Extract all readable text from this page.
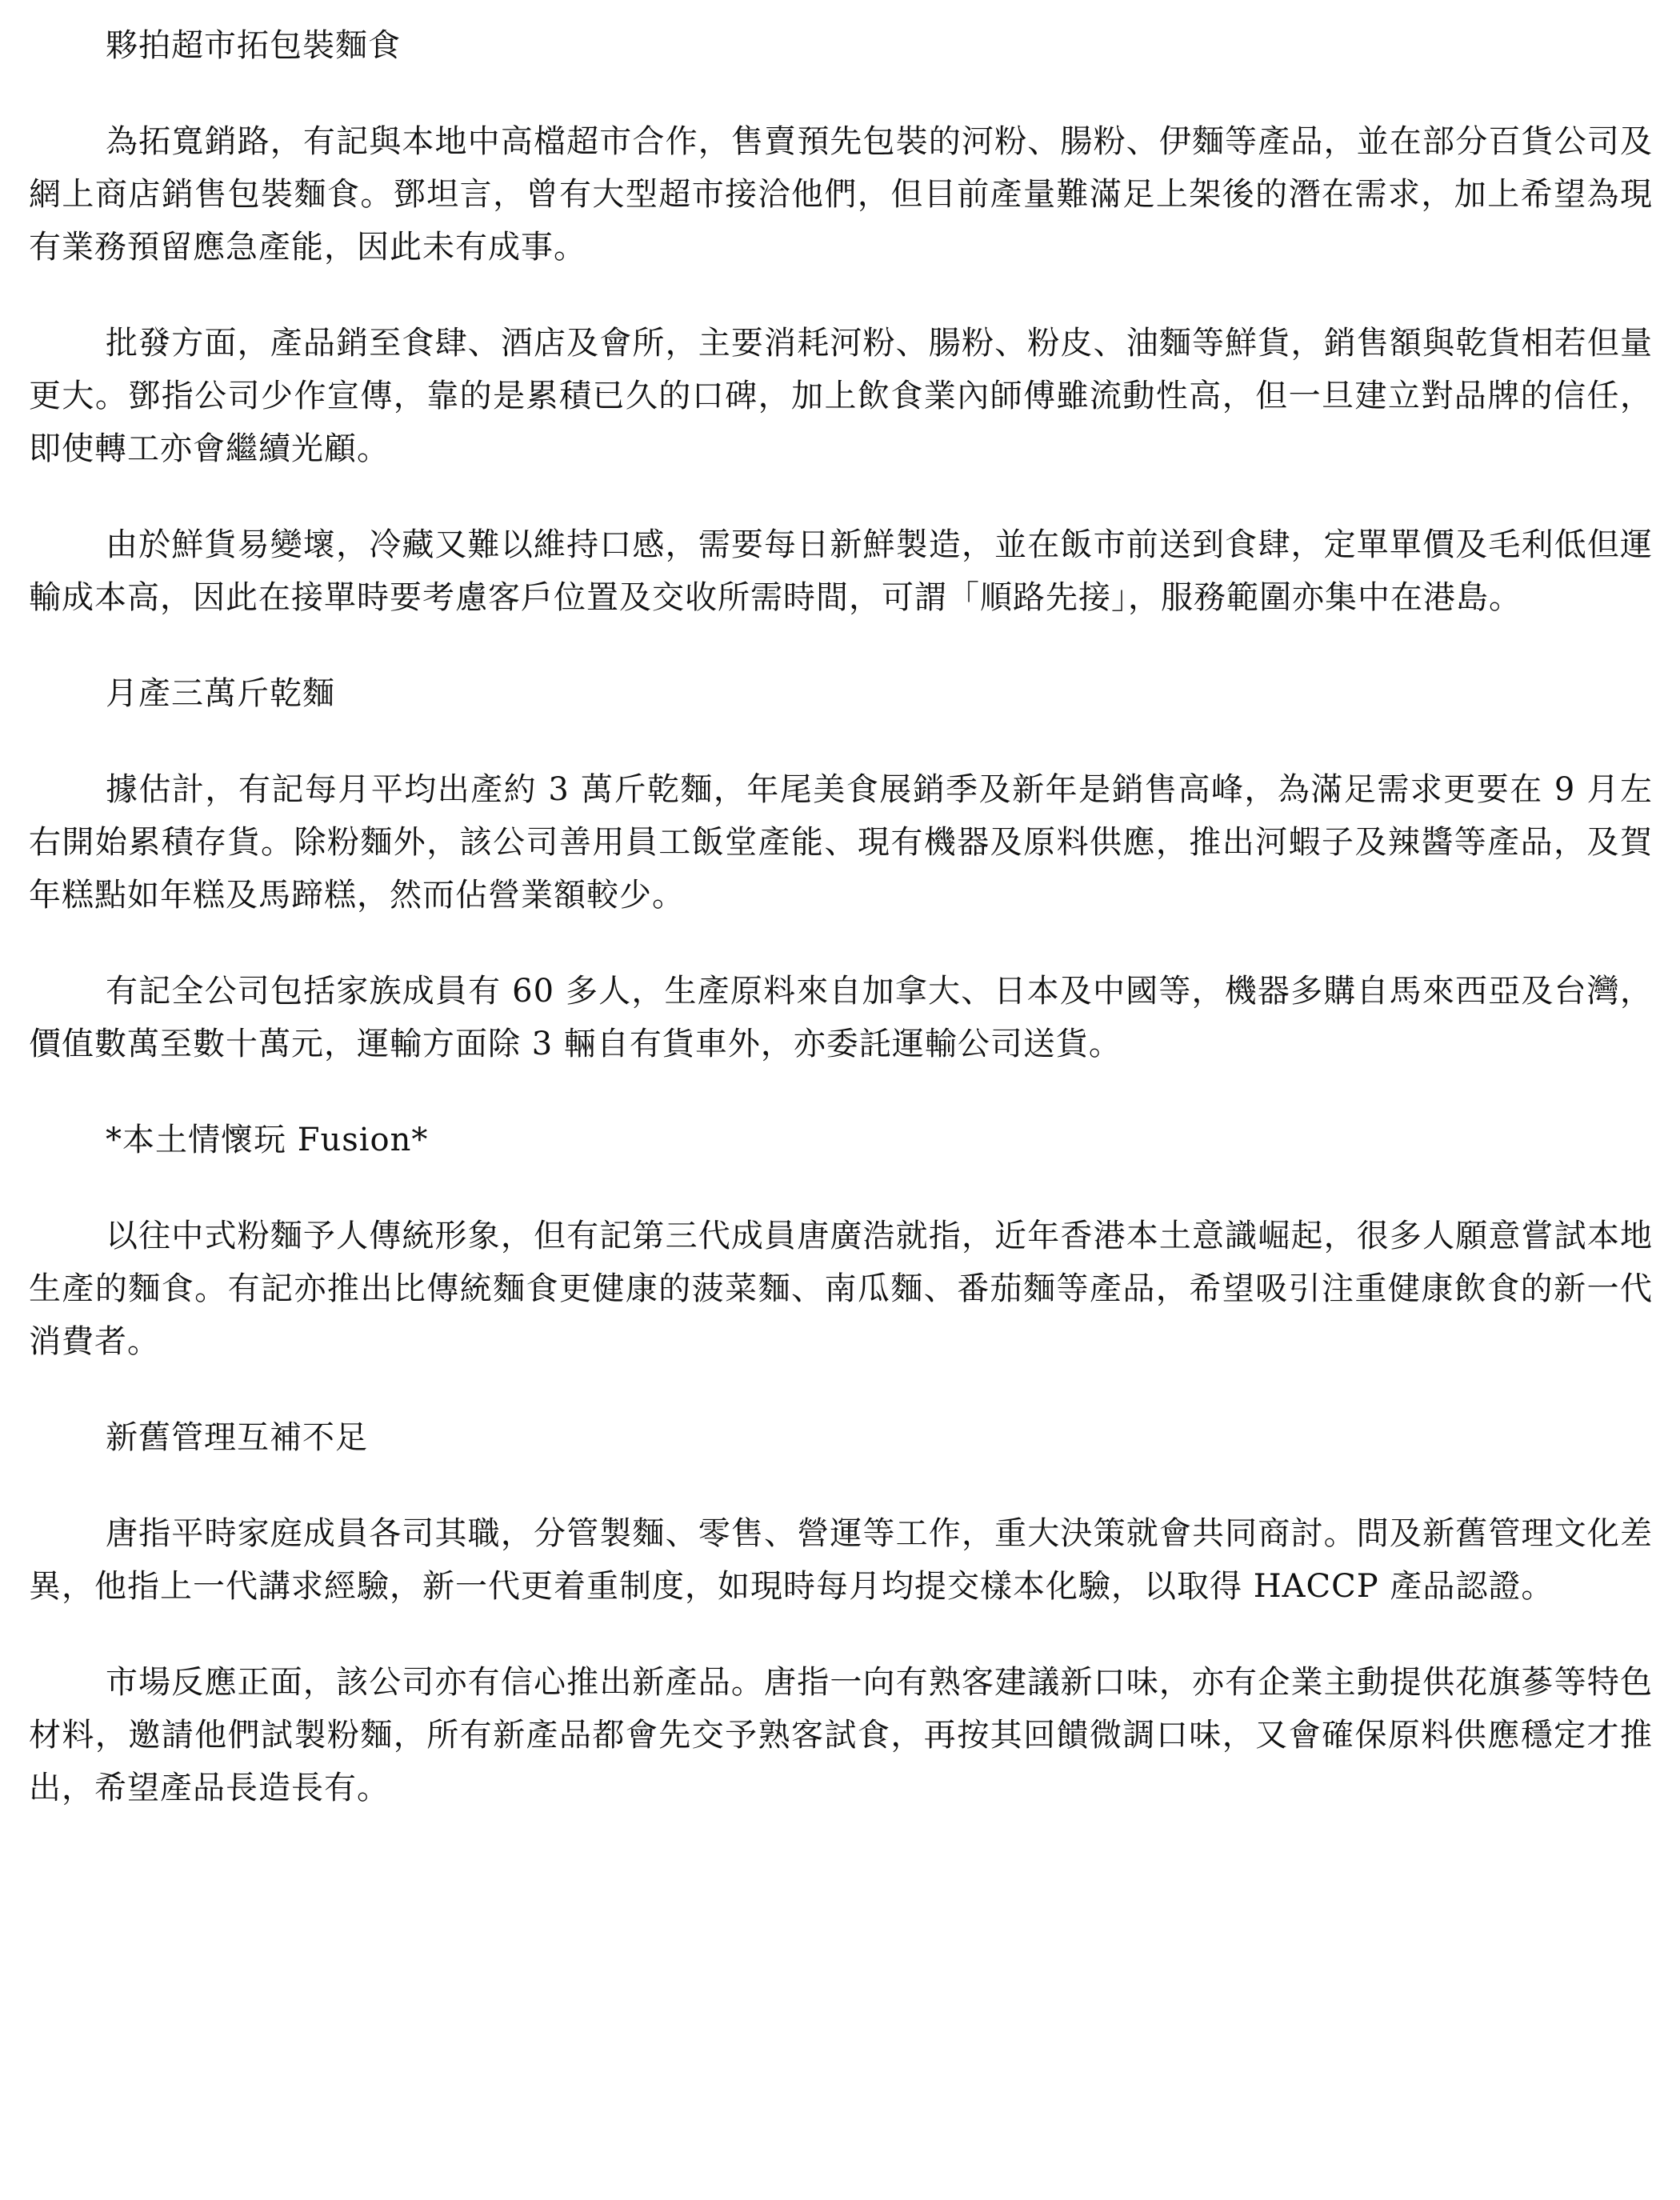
夥拍超市拓包裝麵食

為拓寬銷路，有記與本地中高檔超市合作，售賣預先包裝的河粉、腸粉、伊麵等產品，並在部分百貨公司及網上商店銷售包裝麵食。鄧坦言，曾有大型超市接洽他們，但目前產量難滿足上架後的潛在需求，加上希望為現有業務預留應急產能，因此未有成事。

批發方面，產品銷至食肆、酒店及會所，主要消耗河粉、腸粉、粉皮、油麵等鮮貨，銷售額與乾貨相若但量更大。鄧指公司少作宣傳，靠的是累積已久的口碑，加上飲食業內師傅雖流動性高，但一旦建立對品牌的信任，即使轉工亦會繼續光顧。

由於鮮貨易變壞，冷藏又難以維持口感，需要每日新鮮製造，並在飯市前送到食肆，定單單價及毛利低但運輸成本高，因此在接單時要考慮客戶位置及交收所需時間，可謂「順路先接」，服務範圍亦集中在港島。

月產三萬斤乾麵

據估計，有記每月平均出產約 3 萬斤乾麵，年尾美食展銷季及新年是銷售高峰，為滿足需求更要在 9 月左右開始累積存貨。除粉麵外，該公司善用員工飯堂產能、現有機器及原料供應，推出河蝦子及辣醬等產品，及賀年糕點如年糕及馬蹄糕，然而佔營業額較少。

有記全公司包括家族成員有 60 多人，生產原料來自加拿大、日本及中國等，機器多購自馬來西亞及台灣，價值數萬至數十萬元，運輸方面除 3 輛自有貨車外，亦委託運輸公司送貨。

*本土情懷玩 Fusion*

以往中式粉麵予人傳統形象，但有記第三代成員唐廣浩就指，近年香港本土意識崛起，很多人願意嘗試本地生產的麵食。有記亦推出比傳統麵食更健康的菠菜麵、南瓜麵、番茄麵等產品，希望吸引注重健康飲食的新一代消費者。

新舊管理互補不足

唐指平時家庭成員各司其職，分管製麵、零售、營運等工作，重大決策就會共同商討。問及新舊管理文化差異，他指上一代講求經驗，新一代更着重制度，如現時每月均提交樣本化驗，以取得 HACCP 產品認證。

市場反應正面，該公司亦有信心推出新產品。唐指一向有熟客建議新口味，亦有企業主動提供花旗蔘等特色材料，邀請他們試製粉麵，所有新產品都會先交予熟客試食，再按其回饋微調口味，又會確保原料供應穩定才推出，希望產品長造長有。
